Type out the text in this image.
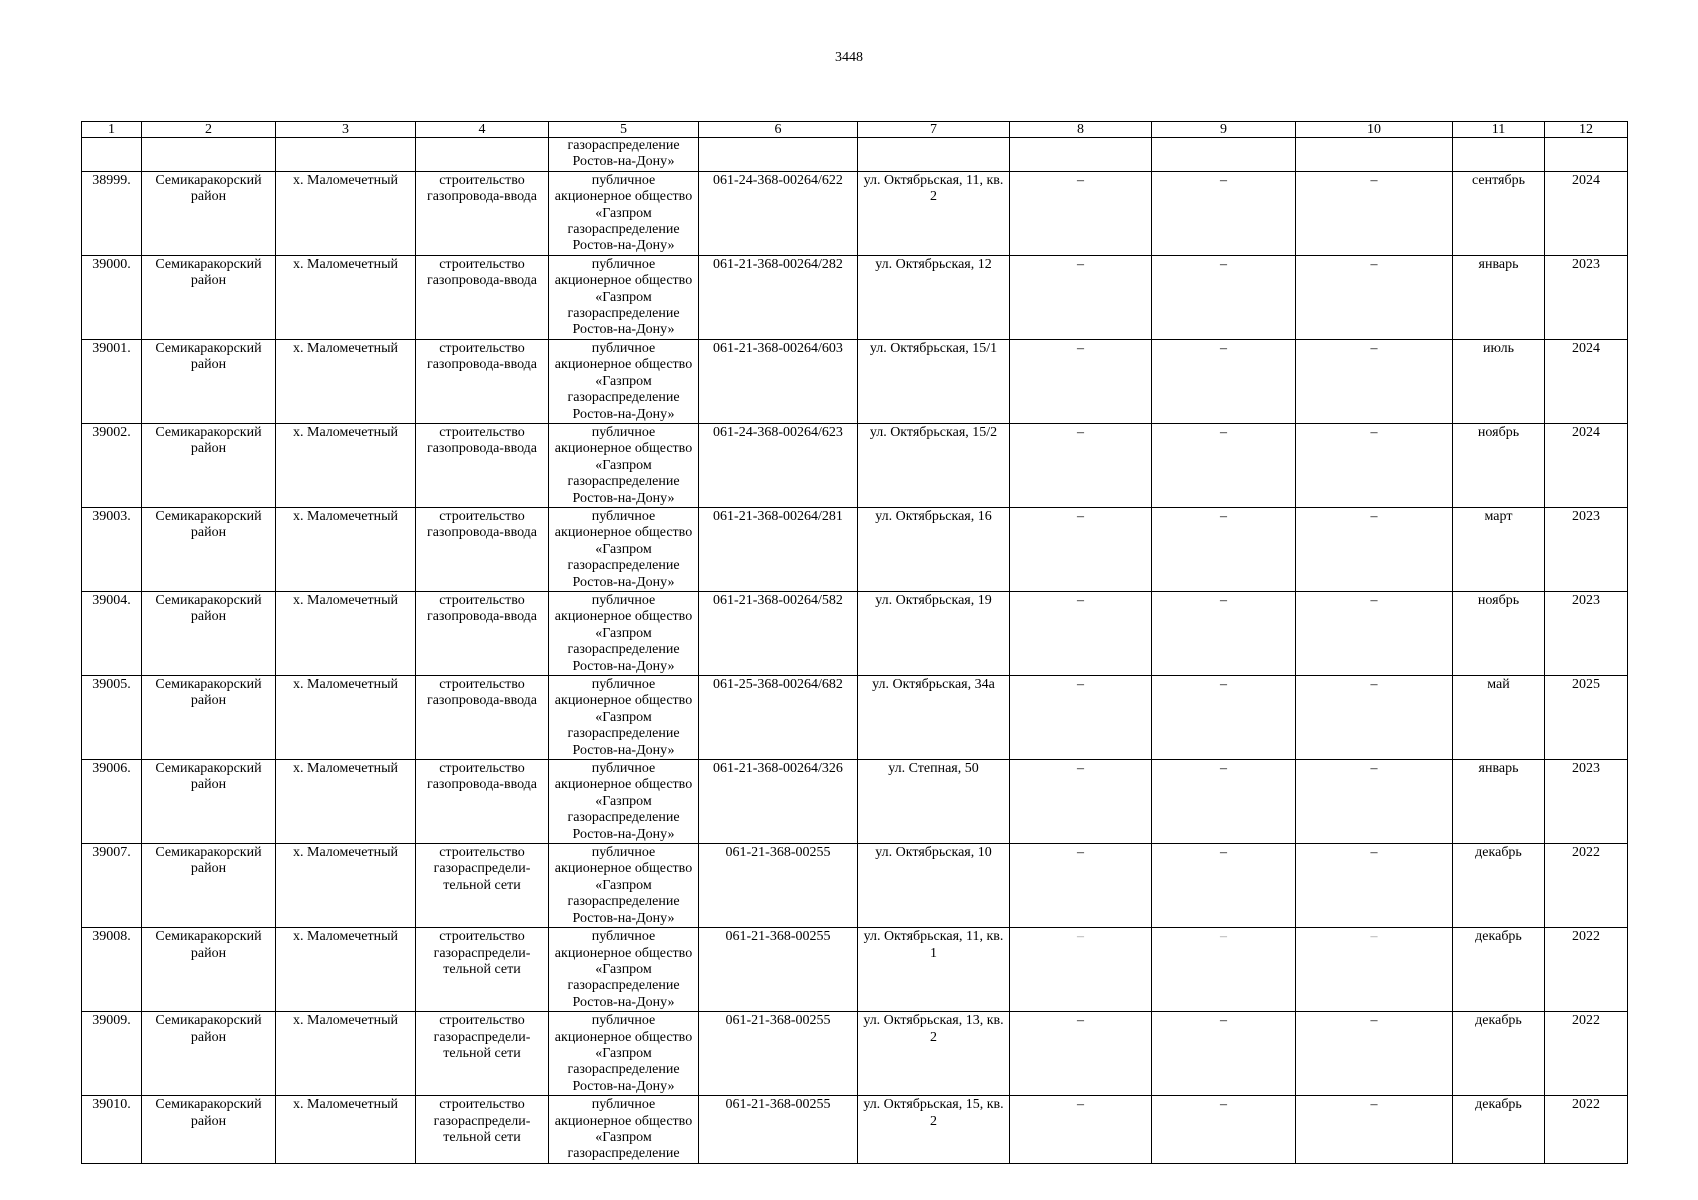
3448
1	2	3	4	5	6	7	8	9	10	11	12
				газораспределение
Ростов-на-Дону»							
38999.	Семикаракорский район	х. Маломечетный	строительство газопровода-ввода	публичное акционерное общество «Газпром газораспределение Ростов-на-Дону»	061-24-368-00264/622	ул. Октябрьская, 11, кв. 2	–	–	–	сентябрь	2024
39000.	Семикаракорский район	х. Маломечетный	строительство газопровода-ввода	публичное акционерное общество «Газпром газораспределение Ростов-на-Дону»	061-21-368-00264/282	ул. Октябрьская, 12	–	–	–	январь	2023
39001.	Семикаракорский район	х. Маломечетный	строительство газопровода-ввода	публичное акционерное общество «Газпром газораспределение Ростов-на-Дону»	061-21-368-00264/603	ул. Октябрьская, 15/1	–	–	–	июль	2024
39002.	Семикаракорский район	х. Маломечетный	строительство газопровода-ввода	публичное акционерное общество «Газпром газораспределение Ростов-на-Дону»	061-24-368-00264/623	ул. Октябрьская, 15/2	–	–	–	ноябрь	2024
39003.	Семикаракорский район	х. Маломечетный	строительство газопровода-ввода	публичное акционерное общество «Газпром газораспределение Ростов-на-Дону»	061-21-368-00264/281	ул. Октябрьская, 16	–	–	–	март	2023
39004.	Семикаракорский район	х. Маломечетный	строительство газопровода-ввода	публичное акционерное общество «Газпром газораспределение Ростов-на-Дону»	061-21-368-00264/582	ул. Октябрьская, 19	–	–	–	ноябрь	2023
39005.	Семикаракорский район	х. Маломечетный	строительство газопровода-ввода	публичное акционерное общество «Газпром газораспределение Ростов-на-Дону»	061-25-368-00264/682	ул. Октябрьская, 34а	–	–	–	май	2025
39006.	Семикаракорский район	х. Маломечетный	строительство газопровода-ввода	публичное акционерное общество «Газпром газораспределение Ростов-на-Дону»	061-21-368-00264/326	ул. Степная, 50	–	–	–	январь	2023
39007.	Семикаракорский район	х. Маломечетный	строительство газораспредели-тельной сети	публичное акционерное общество «Газпром газораспределение Ростов-на-Дону»	061-21-368-00255	ул. Октябрьская, 10	–	–	–	декабрь	2022
39008.	Семикаракорский район	х. Маломечетный	строительство газораспредели-тельной сети	публичное акционерное общество «Газпром газораспределение Ростов-на-Дону»	061-21-368-00255	ул. Октябрьская, 11, кв. 1	–	–	–	декабрь	2022
39009.	Семикаракорский район	х. Маломечетный	строительство газораспредели-тельной сети	публичное акционерное общество «Газпром газораспределение Ростов-на-Дону»	061-21-368-00255	ул. Октябрьская, 13, кв. 2	–	–	–	декабрь	2022
39010.	Семикаракорский район	х. Маломечетный	строительство газораспредели-тельной сети	публичное акционерное общество «Газпром газораспределение	061-21-368-00255	ул. Октябрьская, 15, кв. 2	–	–	–	декабрь	2022
